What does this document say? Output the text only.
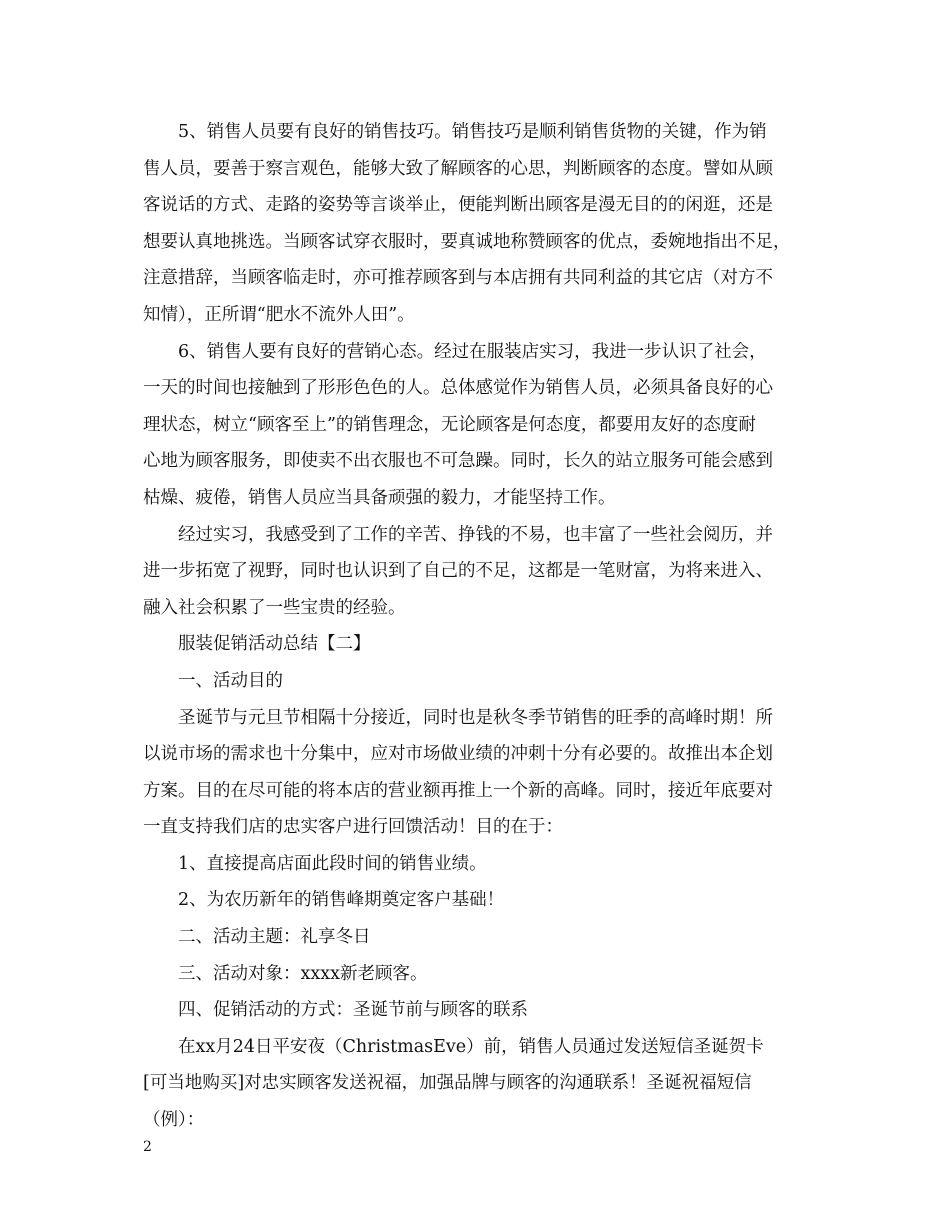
5、销售人员要有良好的销售技巧。销售技巧是顺利销售货物的关键，作为销
售人员，要善于察言观色，能够大致了解顾客的心思，判断顾客的态度。譬如从顾
客说话的方式、走路的姿势等言谈举止，便能判断出顾客是漫无目的的闲逛，还是
想要认真地挑选。当顾客试穿衣服时，要真诚地称赞顾客的优点，委婉地指出不足，
注意措辞，当顾客临走时，亦可推荐顾客到与本店拥有共同利益的其它店（对方不
知情），正所谓“肥水不流外人田”。
6、销售人要有良好的营销心态。经过在服装店实习，我进一步认识了社会，
一天的时间也接触到了形形色色的人。总体感觉作为销售人员，必须具备良好的心
理状态，树立“顾客至上”的销售理念，无论顾客是何态度，都要用友好的态度耐
心地为顾客服务，即使卖不出衣服也不可急躁。同时，长久的站立服务可能会感到
枯燥、疲倦，销售人员应当具备顽强的毅力，才能坚持工作。
经过实习，我感受到了工作的辛苦、挣钱的不易，也丰富了一些社会阅历，并
进一步拓宽了视野，同时也认识到了自己的不足，这都是一笔财富，为将来进入、
融入社会积累了一些宝贵的经验。
服装促销活动总结【二】
一、活动目的
圣诞节与元旦节相隔十分接近，同时也是秋冬季节销售的旺季的高峰时期！所
以说市场的需求也十分集中，应对市场做业绩的冲刺十分有必要的。故推出本企划
方案。目的在尽可能的将本店的营业额再推上一个新的高峰。同时，接近年底要对
一直支持我们店的忠实客户进行回馈活动！目的在于：
1、直接提高店面此段时间的销售业绩。
2、为农历新年的销售峰期奠定客户基础！
二、活动主题：礼享冬日
三、活动对象：xxxx新老顾客。
四、促销活动的方式：圣诞节前与顾客的联系
在xx月24日平安夜（ChristmasEve）前，销售人员通过发送短信圣诞贺卡
[可当地购买]对忠实顾客发送祝福，加强品牌与顾客的沟通联系！圣诞祝福短信
（例）：
2
